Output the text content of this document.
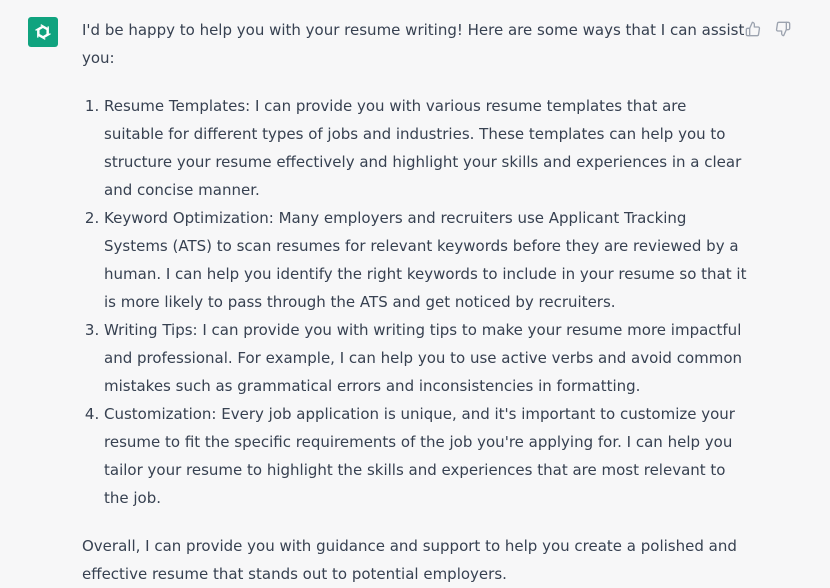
I'd be happy to help you with your resume writing! Here are some ways that I can assist you:

1. Resume Templates: I can provide you with various resume templates that are suitable for different types of jobs and industries. These templates can help you to structure your resume effectively and highlight your skills and experiences in a clear and concise manner.
2. Keyword Optimization: Many employers and recruiters use Applicant Tracking Systems (ATS) to scan resumes for relevant keywords before they are reviewed by a human. I can help you identify the right keywords to include in your resume so that it is more likely to pass through the ATS and get noticed by recruiters.
3. Writing Tips: I can provide you with writing tips to make your resume more impactful and professional. For example, I can help you to use active verbs and avoid common mistakes such as grammatical errors and inconsistencies in formatting.
4. Customization: Every job application is unique, and it's important to customize your resume to fit the specific requirements of the job you're applying for. I can help you tailor your resume to highlight the skills and experiences that are most relevant to the job.

Overall, I can provide you with guidance and support to help you create a polished and effective resume that stands out to potential employers.
